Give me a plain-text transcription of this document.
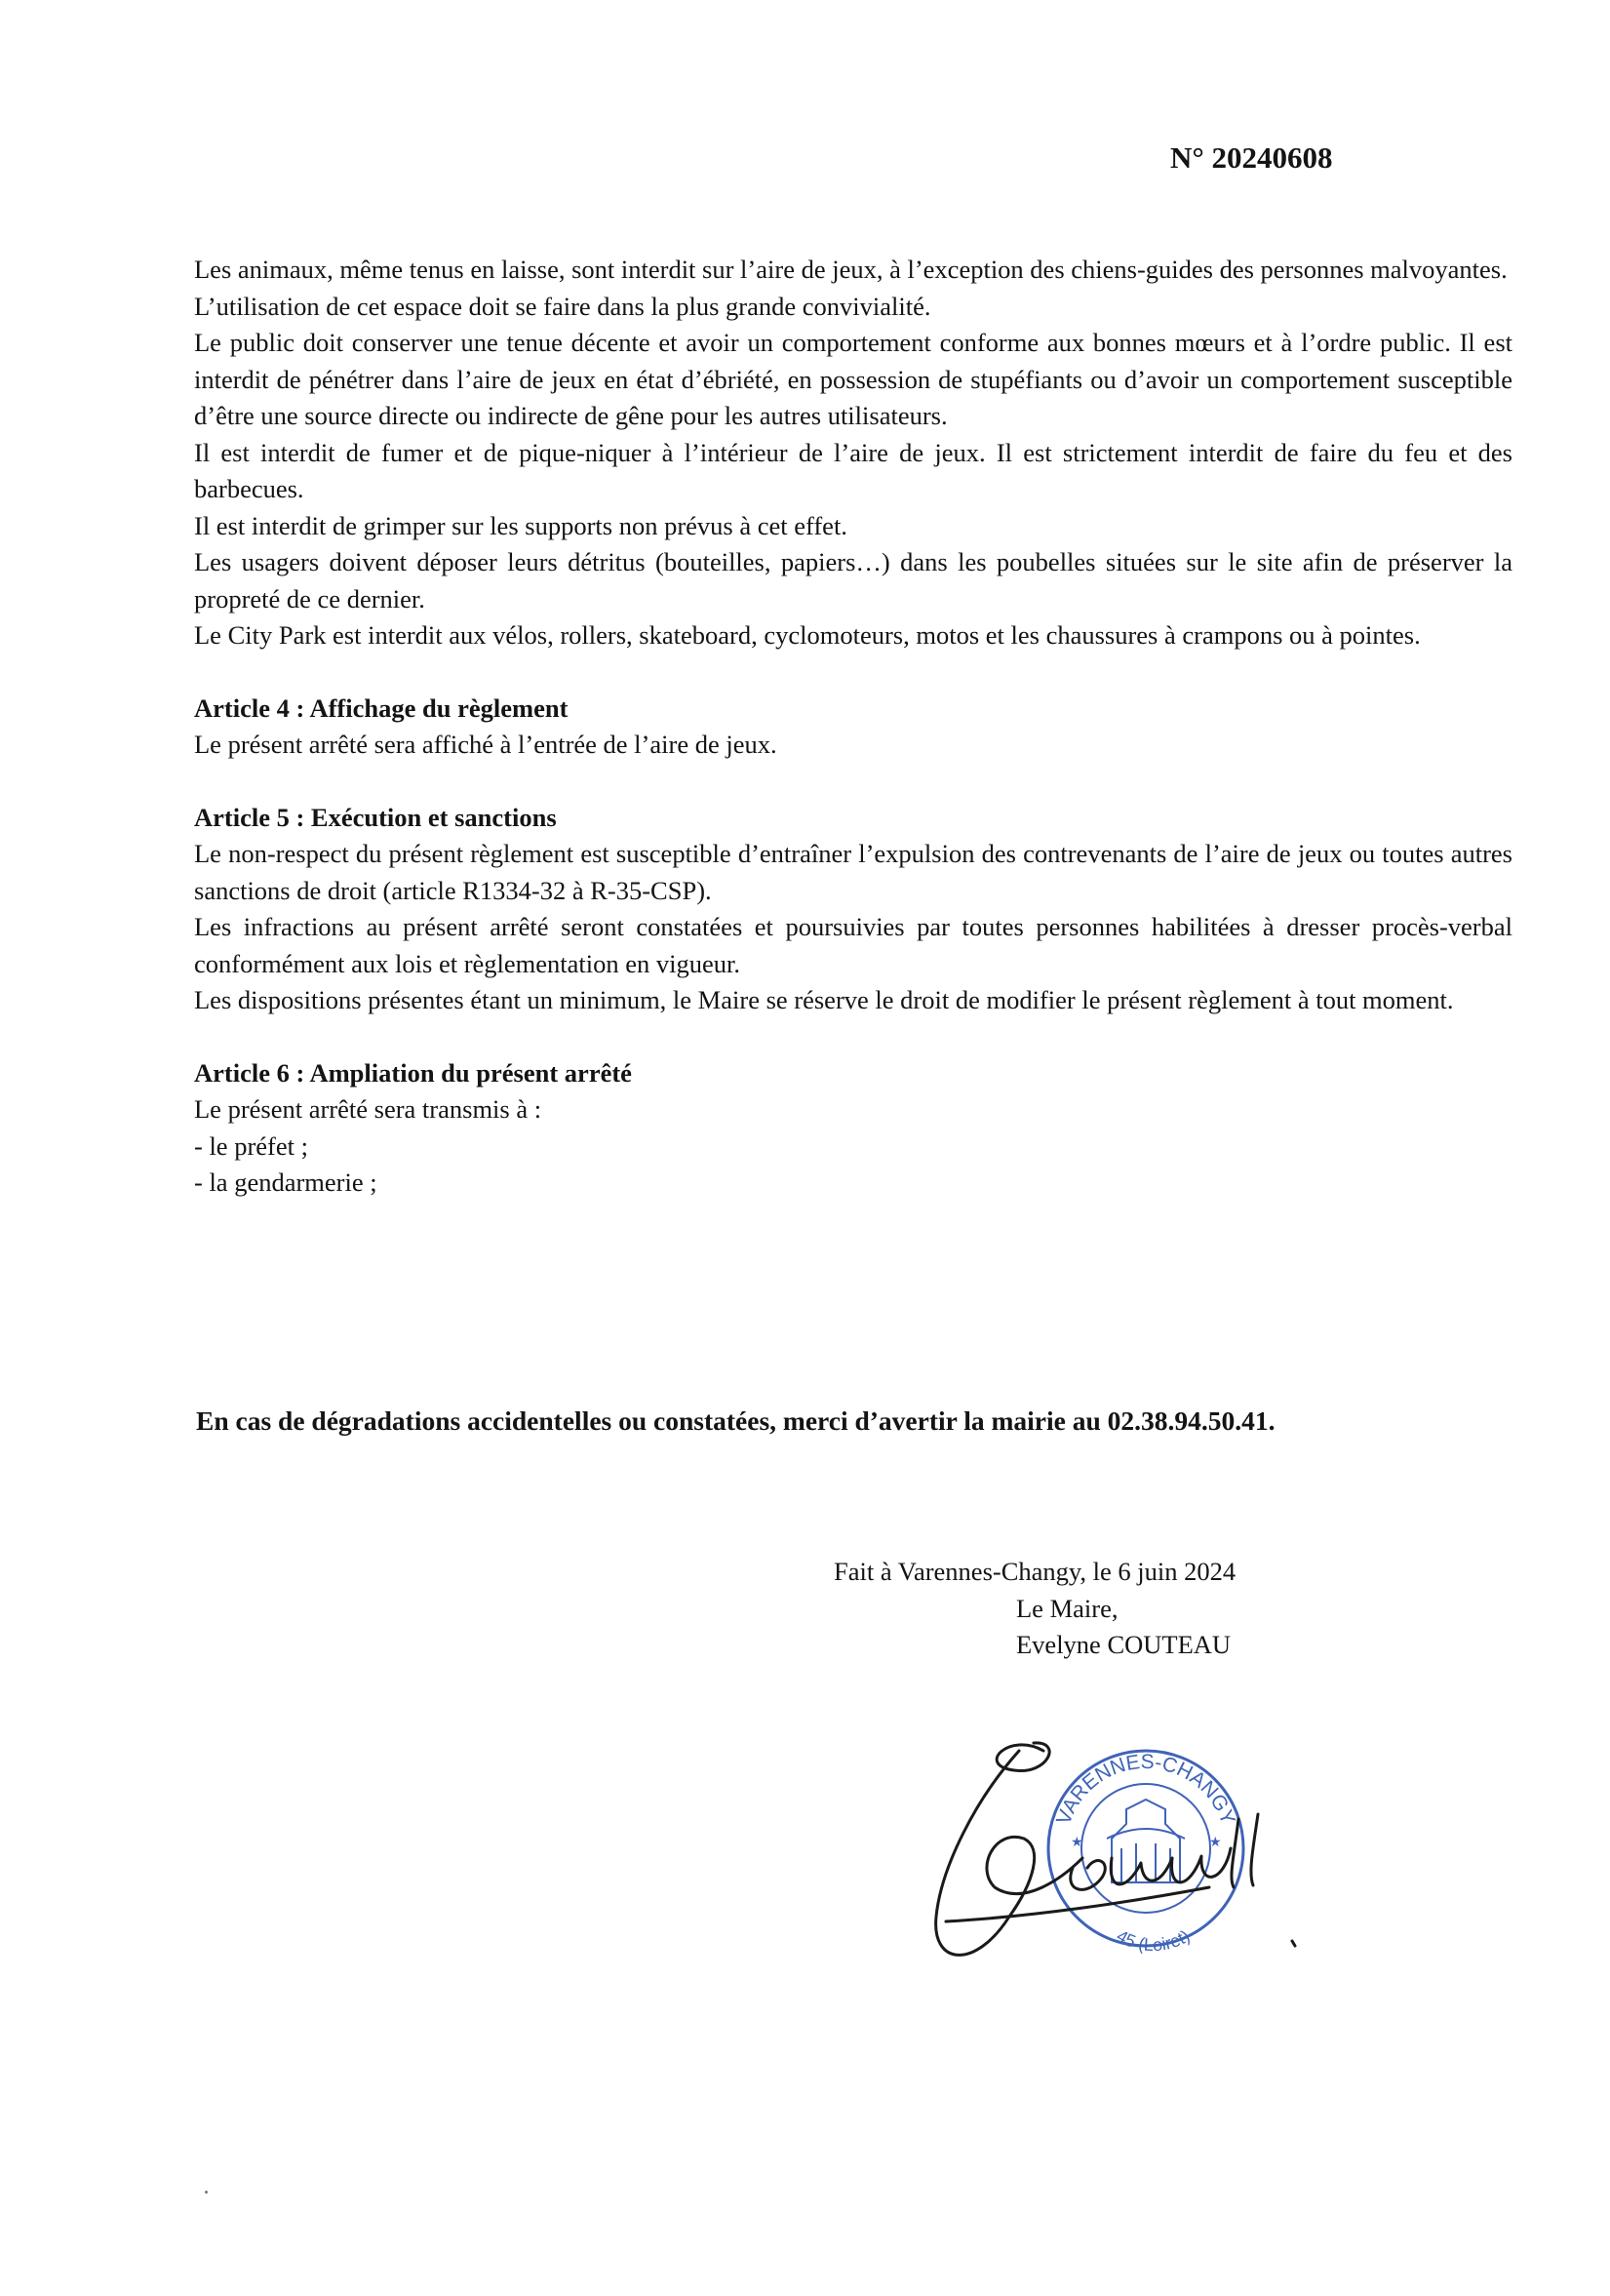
N° 20240608

Les animaux, même tenus en laisse, sont interdit sur l’aire de jeux, à l’exception des chiens-guides des personnes malvoyantes.

L’utilisation de cet espace doit se faire dans la plus grande convivialité.

Le public doit conserver une tenue décente et avoir un comportement conforme aux bonnes mœurs et à l’ordre public. Il est interdit de pénétrer dans l’aire de jeux en état d’ébriété, en possession de stupéfiants ou d’avoir un comportement susceptible d’être une source directe ou indirecte de gêne pour les autres utilisateurs.

Il est interdit de fumer et de pique-niquer à l’intérieur de l’aire de jeux. Il est strictement interdit de faire du feu et des barbecues.

Il est interdit de grimper sur les supports non prévus à cet effet.

Les usagers doivent déposer leurs détritus (bouteilles, papiers…) dans les poubelles situées sur le site afin de préserver la propreté de ce dernier.

Le City Park est interdit aux vélos, rollers, skateboard, cyclomoteurs, motos et les chaussures à crampons ou à pointes.

Article 4 : Affichage du règlement

Le présent arrêté sera affiché à l’entrée de l’aire de jeux.

Article 5 : Exécution et sanctions

Le non-respect du présent règlement est susceptible d’entraîner l’expulsion des contrevenants de l’aire de jeux ou toutes autres sanctions de droit (article R1334-32 à R-35-CSP).

Les infractions au présent arrêté seront constatées et poursuivies par toutes personnes habilitées à dresser procès-verbal conformément aux lois et règlementation en vigueur.

Les dispositions présentes étant un minimum, le Maire se réserve le droit de modifier le présent règlement à tout moment.

Article 6 : Ampliation du présent arrêté

Le présent arrêté sera transmis à :

- le préfet ;

- la gendarmerie ;

En cas de dégradations accidentelles ou constatées, merci d’avertir la mairie au 02.38.94.50.41.
Fait à Varennes-Changy, le 6 juin 2024
Le Maire,
Evelyne COUTEAU
VARENNES-CHANGY
45 (Loiret)
★	★
